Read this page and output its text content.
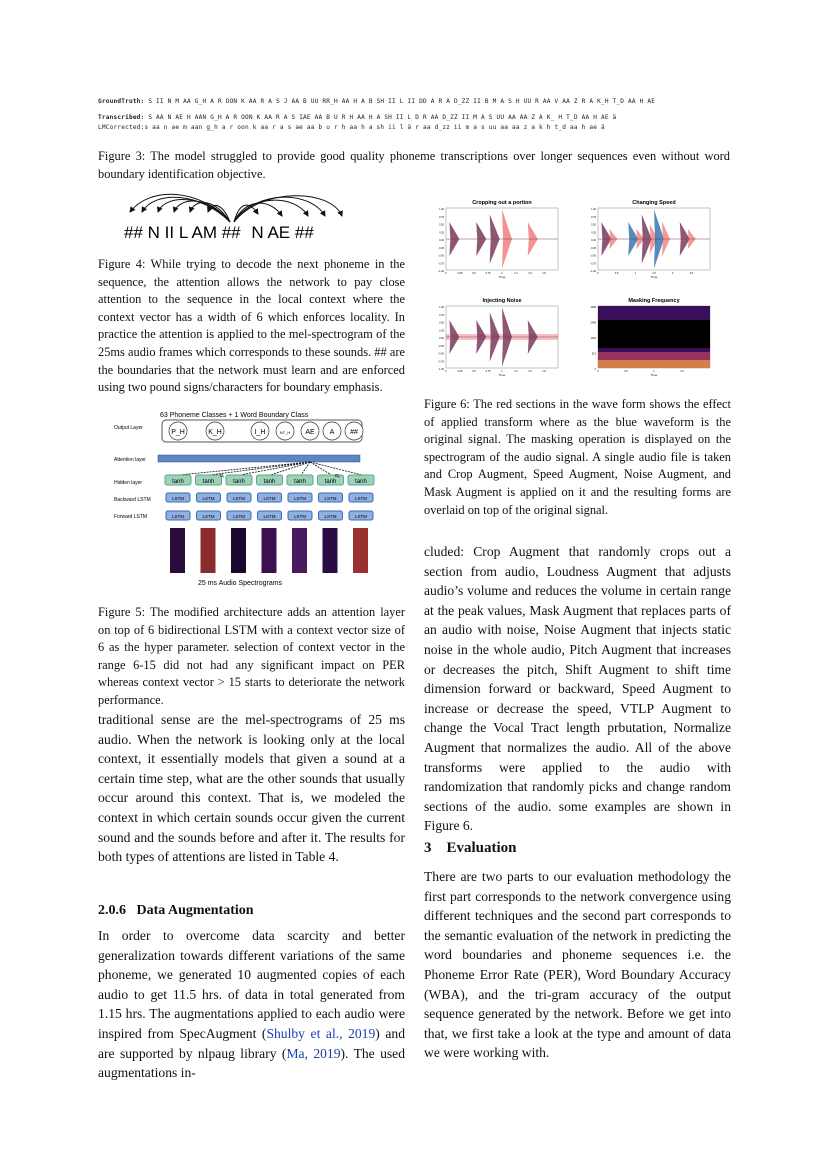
GroundTruth: S II N M AA G_H A R OON K AA R A S J AA B UU RR_H AA H A B SH II L II DD A R A D_ZZ II B M A S H UU R AA V AA Z R A K_H T_D AA H AE
Transcribed: S AA N AE H AAN G_H A R OON K AA R A S IAE AA B U R H AA H A SH II L D R AA D_ZZ II M A S UU AA AA Z A K_ H T_D AA H AE ä
LMCorrected:s aa n ae m aan g_h a r oon k aa r a s ae aa b u r h aa h a sh ii l ä r aa d_zz ii m a s uu aa aa z a k h t_d aa h ae ä
Figure 3: The model struggled to provide good quality phoneme transcriptions over longer sequences even without word boundary identification objective.
## N II L AM ## N AE ##
Figure 4: While trying to decode the next phoneme in the sequence, the attention allows the network to pay close attention to the sequence in the local context where the context vector has a width of 6 which enforces locality. In practice the attention is applied to the mel-spectrogram of the 25ms audio frames which corresponds to these sounds. ## are the boundaries that the network must learn and are enforced using two pound signs/characters for boundary emphasis.
63 Phoneme Classes + 1 Word Boundary Class
Output Layer
Attention layer
Hidden layer
Backward LSTM
Forward LSTM
P_H	K_H	I_H	NT_H AE A ##
tanh
LSTM
LSTM
tanh
LSTM
LSTM
tanh
LSTM
LSTM
tanh
LSTM
LSTM
tanh
LSTM
LSTM
tanh
LSTM
LSTM
tanh
LSTM
LSTM
25 ms Audio Spectrograms
α₁	α₆
Figure 5: The modified architecture adds an attention layer on top of 6 bidirectional LSTM with a context vector size of 6 as the hyper parameter. selection of context vector in the range 6-15 did not had any significant impact on PER whereas context vector > 15 starts to deteriorate the network performance.
traditional sense are the mel-spectrograms of 25 ms audio. When the network is looking only at the local context, it essentially models that given a sound at a certain time step, what are the other sounds that usually occur around this context. That is, we modeled the context in which certain sounds occur given the current sound and the sounds before and after it. The results for both types of attentions are listed in Table 4.
2.0.6 Data Augmentation
In order to overcome data scarcity and better generalization towards different variations of the same phoneme, we generated 10 augmented copies of each audio to get 11.5 hrs. of data in total generated from 1.15 hrs. The augmentations applied to each audio were inspired from SpecAugment (Shulby et al., 2019) and are supported by nlpaug library (Ma, 2019). The used augmentations in-
Cropping out a portion
1.00
0.75
0.50
0.25
0.00
-0.25
-0.50
-0.75
-1.00
0	0.25	0.5	0.75	1	1.2	1.5	1.8
Time
Changing Speed
1.00
0.75
0.50
0.25
0.00
-0.25
-0.50
-0.75
-1.00
0	0.5	1	1.5	2	2.5
Time
Injecting Noise
1.00
0.75
0.50
0.25
0.00
-0.25
-0.50
-0.75
-1.00
0	0.25	0.5	0.75	1	1.2	1.5	1.8
Time
Masking Frequency
4096
2048
1024
512
0
0	0.5	1	1.5
Time
Figure 6: The red sections in the wave form shows the effect of applied transform where as the blue waveform is the original signal. The masking operation is displayed on the spectrogram of the audio signal. A single audio file is taken and Crop Augment, Speed Augment, Noise Augment, and Mask Augment is applied on it and the resulting forms are overlaid on top of the original signal.
cluded: Crop Augment that randomly crops out a section from audio, Loudness Augment that adjusts audio’s volume and reduces the volume in certain range at the peak values, Mask Augment that replaces parts of an audio with noise, Noise Augment that injects static noise in the whole audio, Pitch Augment that increases or decreases the pitch, Shift Augment to shift time dimension forward or backward, Speed Augment to increase or decrease the speed, VTLP Augment to change the Vocal Tract length prbutation, Normalize Augment that normalizes the audio. All of the above transforms were applied to the audio with randomization that randomly picks and change random sections of the audio. some examples are shown in Figure 6.
3 Evaluation
There are two parts to our evaluation methodology the first part corresponds to the network convergence using different techniques and the second part corresponds to the semantic evaluation of the network in predicting the word boundaries and phoneme sequences i.e. the Phoneme Error Rate (PER), Word Boundary Accuracy (WBA), and the tri-gram accuracy of the output sequence generated by the network. Before we get into that, we first take a look at the type and amount of data we were working with.
